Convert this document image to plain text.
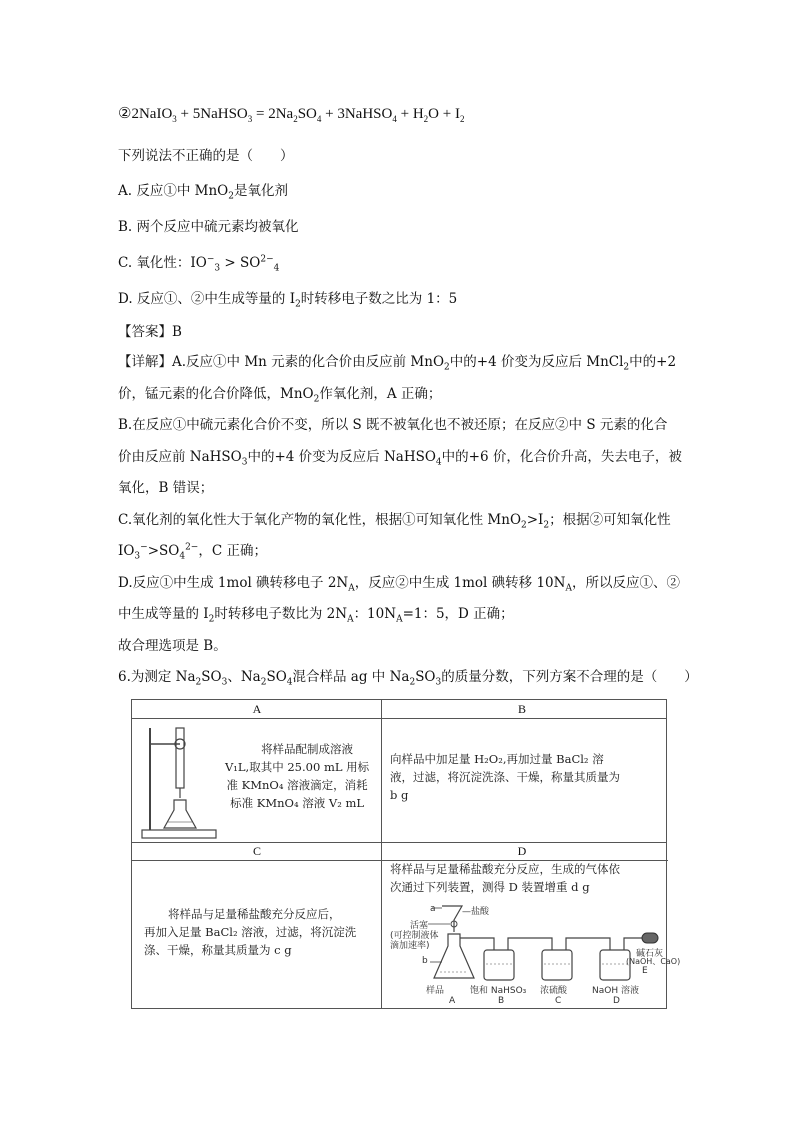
②2NaIO$_3$ + 5NaHSO$_3$ = $2Na_2SO_4$ + 3NaHSO$_4$ + $H_2O + I_2$
下列说法不正确的是（　　）
A. 反应①中 MnO$_2$是氧化剂
B. 两个反应中硫元素均被氧化
C. 氧化性：$IO^-_3 > SO^{2-}_4$
D. 反应①、②中生成等量的 $I_2$时转移电子数之比为 1：5
【答案】B
【详解】A.反应①中 Mn 元素的化合价由反应前 MnO$_2$中的+4 价变为反应后 MnCl$_2$中的+2
价，锰元素的化合价降低，MnO$_2$作氧化剂，A 正确；
B.在反应①中硫元素化合价不变，所以 S 既不被氧化也不被还原；在反应②中 S 元素的化合
价由反应前 NaHSO$_3$中的+4 价变为反应后 NaHSO$_4$中的+6 价，化合价升高，失去电子，被
氧化，B 错误；
C.氧化剂的氧化性大于氧化产物的氧化性，根据①可知氧化性 $MnO_2>I_2$；根据②可知氧化性
$IO_3^->SO_4^{2-}$，C 正确；
D.反应①中生成 1mol 碘转移电子 $2N_A$，反应②中生成 1mol 碘转移 $10N_A$，所以反应①、②
中生成等量的 $I_2$时转移电子数比为 $2N_A$：$10N_A=1$：5，D 正确；
故合理选项是 B。
6.为测定 $Na_2SO_3$、$Na_2SO_4$混合样品 ag 中 $Na_2SO_3$的质量分数，下列方案不合理的是（　　）
A
将样品配制成溶液
V₁L,取其中 25.00 mL 用标
准 KMnO₄ 溶液滴定，消耗
标准 KMnO₄ 溶液 V₂ mL
B
向样品中加足量 H₂O₂,再加过量 BaCl₂ 溶
液，过滤，将沉淀洗涤、干燥，称量其质量为
b g
C
将样品与足量稀盐酸充分反应后，
再加入足量 BaCl₂ 溶液，过滤，将沉淀洗
涤、干燥，称量其质量为 c g
D
将样品与足量稀盐酸充分反应，生成的气体依
次通过下列装置，测得 D 装置增重 d g
a	—盐酸
活塞
(可控制液体
滴加速率)
b
碱石灰
(NaOH、CaO)
E
样品	饱和 NaHSO₃ 浓硫酸	NaOH 溶液
A	B	C	D
